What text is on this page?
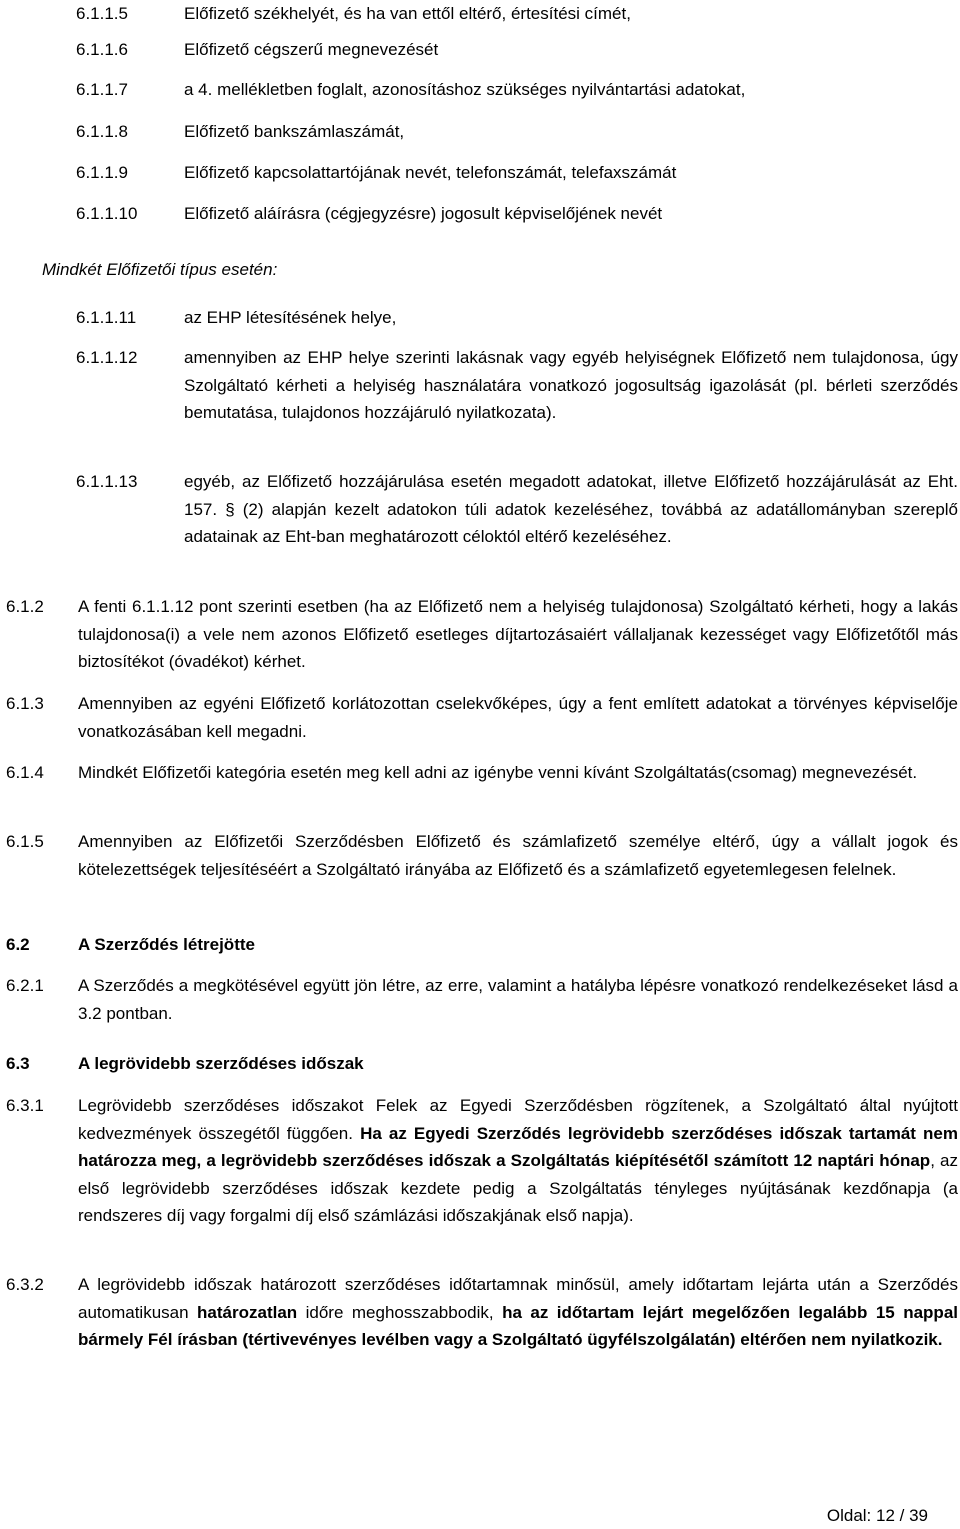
6.1.1.5	Előfizető székhelyét, és ha van ettől eltérő, értesítési címét,
6.1.1.6	Előfizető cégszerű megnevezését
6.1.1.7	a 4. mellékletben foglalt, azonosításhoz szükséges nyilvántartási adatokat,
6.1.1.8	Előfizető bankszámlaszámát,
6.1.1.9	Előfizető kapcsolattartójának nevét, telefonszámát, telefaxszámát
6.1.1.10	Előfizető aláírásra (cégjegyzésre) jogosult képviselőjének nevét
Mindkét Előfizetői típus esetén:
6.1.1.11	az EHP létesítésének helye,
6.1.1.12	amennyiben az EHP helye szerinti lakásnak vagy egyéb helyiségnek Előfizető nem tulajdonosa, úgy Szolgáltató kérheti a helyiség használatára vonatkozó jogosultság igazolását (pl. bérleti szerződés bemutatása, tulajdonos hozzájáruló nyilatkozata).
6.1.1.13	egyéb, az Előfizető hozzájárulása esetén megadott adatokat, illetve Előfizető hozzájárulását az Eht. 157. § (2) alapján kezelt adatokon túli adatok kezeléséhez, továbbá az adatállományban szereplő adatainak az Eht-ban meghatározott céloktól eltérő kezeléséhez.
6.1.2	A fenti 6.1.1.12 pont szerinti esetben (ha az Előfizető nem a helyiség tulajdonosa) Szolgáltató kérheti, hogy a lakás tulajdonosa(i) a vele nem azonos Előfizető esetleges díjtartozásaiért vállaljanak kezességet vagy Előfizetőtől más biztosítékot (óvadékot) kérhet.
6.1.3	Amennyiben az egyéni Előfizető korlátozottan cselekvőképes, úgy a fent említett adatokat a törvényes képviselője vonatkozásában kell megadni.
6.1.4	Mindkét Előfizetői kategória esetén meg kell adni az igénybe venni kívánt Szolgáltatás(csomag) megnevezését.
6.1.5	Amennyiben az Előfizetői Szerződésben Előfizető és számlafizető személye eltérő, úgy a vállalt jogok és kötelezettségek teljesítéséért a Szolgáltató irányába az Előfizető és a számlafizető egyetemlegesen felelnek.
6.2	A Szerződés létrejötte
6.2.1	A Szerződés a megkötésével együtt jön létre, az erre, valamint a hatályba lépésre vonatkozó rendelkezéseket lásd a 3.2 pontban.
6.3	A legrövidebb szerződéses időszak
6.3.1	Legrövidebb szerződéses időszakot Felek az Egyedi Szerződésben rögzítenek, a Szolgáltató által nyújtott kedvezmények összegétől függően. Ha az Egyedi Szerződés legrövidebb szerződéses időszak tartamát nem határozza meg, a legrövidebb szerződéses időszak a Szolgáltatás kiépítésétől számított 12 naptári hónap, az első legrövidebb szerződéses időszak kezdete pedig a Szolgáltatás tényleges nyújtásának kezdőnapja (a rendszeres díj vagy forgalmi díj első számlázási időszakjának első napja).
6.3.2	A legrövidebb időszak határozott szerződéses időtartamnak minősül, amely időtartam lejárta után a Szerződés automatikusan határozatlan időre meghosszabbodik, ha az időtartam lejárt megelőzően legalább 15 nappal bármely Fél írásban (tértivevényes levélben vagy a Szolgáltató ügyfélszolgálatán) eltérően nem nyilatkozik.
Oldal: 12 / 39
